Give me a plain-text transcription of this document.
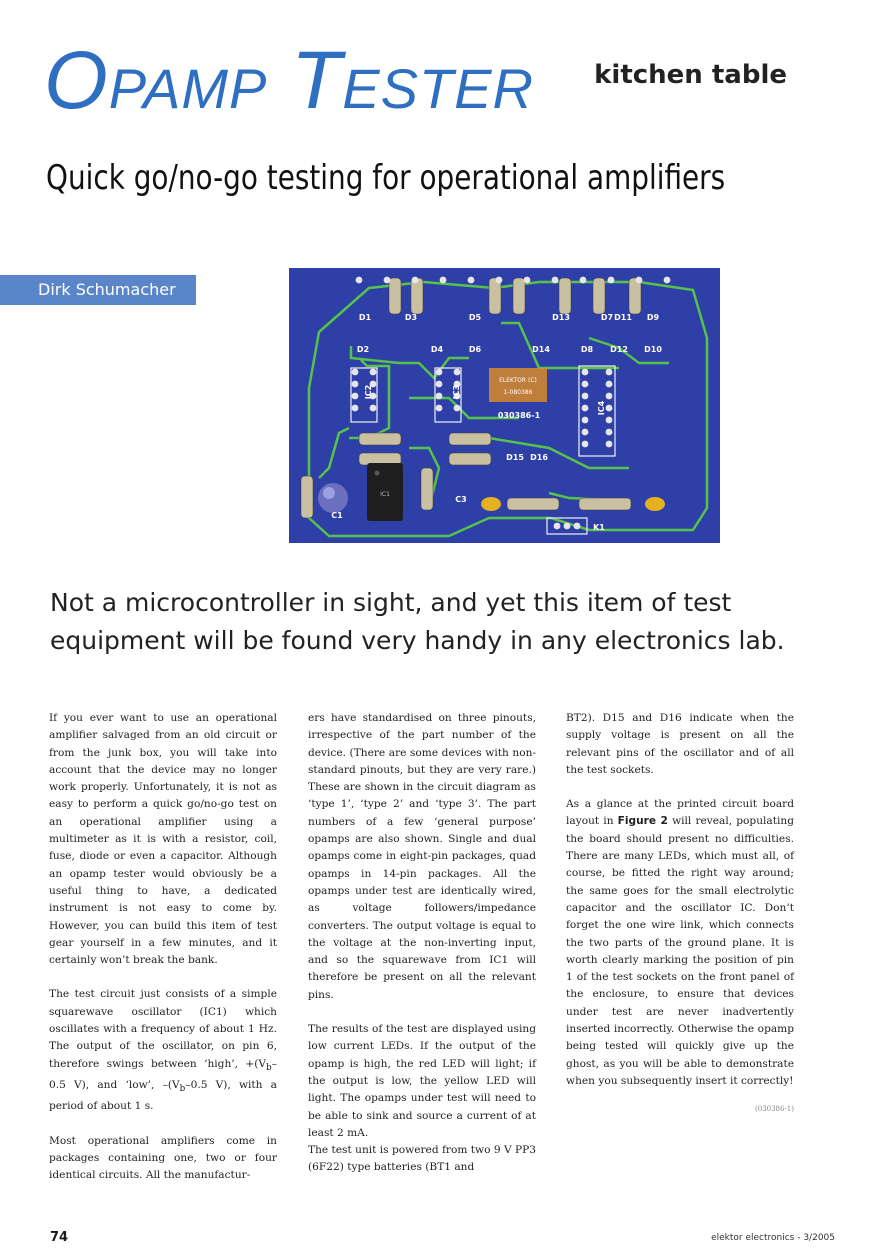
OPAMP TESTER kitchen table
Quick go/no-go testing for operational amplifiers
Dirk Schumacher
D1
D2
D3
D4
D5
D6
D13
D14
D7
D8
D11
D12
D9
D10
IC2	IC3
IC4
030386-1
D15 D16
C1
C3
K1
ELEKTOR (C)
1-080386
IC1

Not a microcontroller in sight, and yet this item of test equipment will be found very handy in any electronics lab.

If you ever want to use an operational amplifier salvaged from an old circuit or from the junk box, you will take into account that the device may no longer work properly. Unfortunately, it is not as easy to perform a quick go/no-go test on an operational amplifier using a multimeter as it is with a resistor, coil, fuse, diode or even a capacitor. Although an opamp tester would obviously be a useful thing to have, a dedicated instrument is not easy to come by. However, you can build this item of test gear yourself in a few minutes, and it certainly won’t break the bank.

The test circuit just consists of a simple squarewave oscillator (IC1) which oscillates with a frequency of about 1 Hz. The output of the oscillator, on pin 6, therefore swings between ‘high’, $+(V_b-0.5$ V), and ‘low’, $-(V_b-0.5$ V), with a period of about 1 s.

Most operational amplifiers come in packages containing one, two or four identical circuits. All the manufactur-

ers have standardised on three pinouts, irrespective of the part number of the device. (There are some devices with non-standard pinouts, but they are very rare.) These are shown in the circuit diagram as ‘type 1’, ‘type 2’ and ‘type 3’. The part numbers of a few ‘general purpose’ opamps are also shown. Single and dual opamps come in eight-pin packages, quad opamps in 14-pin packages. All the opamps under test are identically wired, as voltage followers/impedance converters. The output voltage is equal to the voltage at the non-inverting input, and so the squarewave from IC1 will therefore be present on all the relevant pins.

The results of the test are displayed using low current LEDs. If the output of the opamp is high, the red LED will light; if the output is low, the yellow LED will light. The opamps under test will need to be able to sink and source a current of at least 2 mA.

The test unit is powered from two 9 V PP3 (6F22) type batteries (BT1 and

BT2). D15 and D16 indicate when the supply voltage is present on all the relevant pins of the oscillator and of all the test sockets.

As a glance at the printed circuit board layout in Figure 2 will reveal, populating the board should present no difficulties. There are many LEDs, which must all, of course, be fitted the right way around; the same goes for the small electrolytic capacitor and the oscillator IC. Don’t forget the one wire link, which connects the two parts of the ground plane. It is worth clearly marking the position of pin 1 of the test sockets on the front panel of the enclosure, to ensure that devices under test are never inadvertently inserted incorrectly. Otherwise the opamp being tested will quickly give up the ghost, as you will be able to demonstrate when you subsequently insert it correctly!

(030386-1)
74	elektor electronics - 3/2005
